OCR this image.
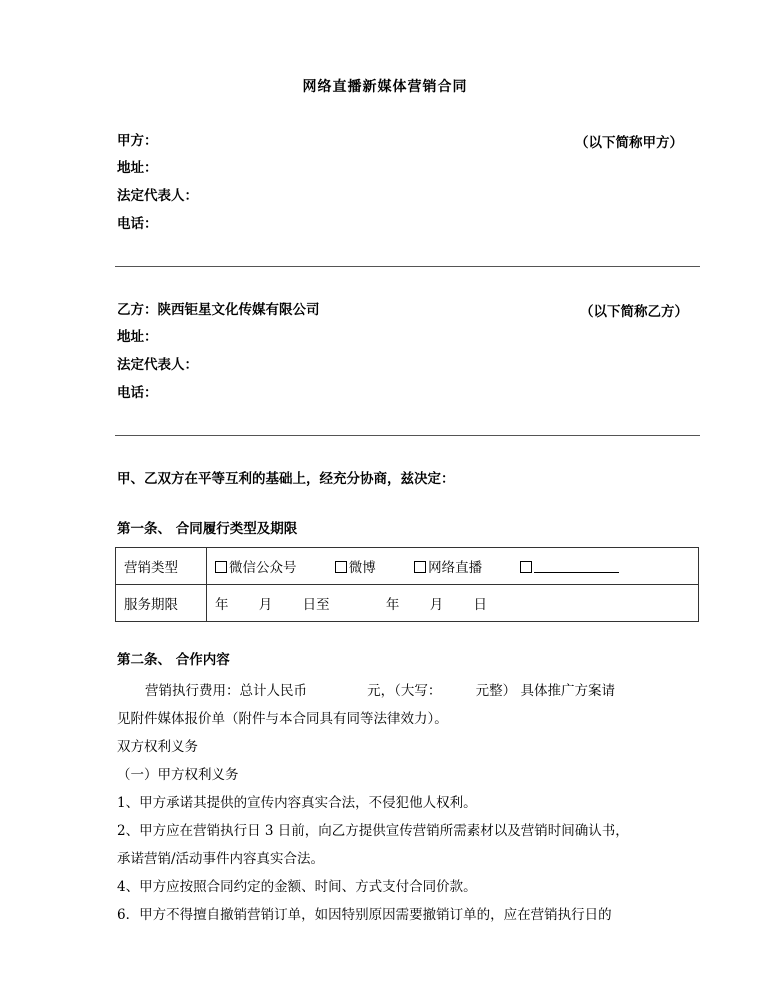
网络直播新媒体营销合同
甲方：	（以下简称甲方）
地址：
法定代表人：
电话：
乙方：陕西钜星文化传媒有限公司	（以下简称乙方）
地址：
法定代表人：
电话：
甲、乙双方在平等互利的基础上，经充分协商，兹决定：
第一条、 合同履行类型及期限
营销类型	微信公众号 微博 网络直播
服务期限	年 月 日至 年 月 日
第二条、 合作内容
营销执行费用：总计人民币              元，（大写：        元整） 具体推广方案请
见附件媒体报价单（附件与本合同具有同等法律效力）。
双方权利义务
（一）甲方权利义务
1、甲方承诺其提供的宣传内容真实合法，不侵犯他人权利。
2、甲方应在营销执行日 3 日前，向乙方提供宣传营销所需素材以及营销时间确认书，
承诺营销/活动事件内容真实合法。
4、甲方应按照合同约定的金额、时间、方式支付合同价款。
6．甲方不得擅自撤销营销订单，如因特别原因需要撤销订单的，应在营销执行日的
